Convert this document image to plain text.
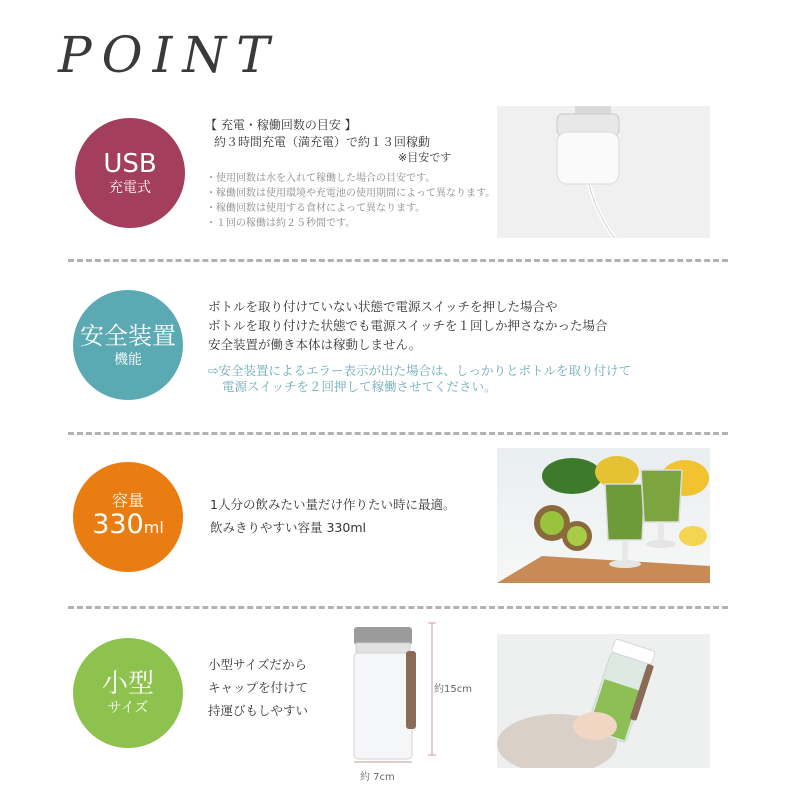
POINT
USB
充電式
【 充電・稼働回数の目安 】
約３時間充電（満充電）で約１３回稼動
※目安です
・使用回数は水を入れて稼働した場合の目安です。
・稼働回数は使用環境や充電池の使用期間によって異なります。
・稼働回数は使用する食材によって異なります。
・１回の稼働は約２５秒間です。
安全装置
機能
ボトルを取り付けていない状態で電源スイッチを押した場合や
ボトルを取り付けた状態でも電源スイッチを１回しか押さなかった場合
安全装置が働き本体は稼動しません。
⇨安全装置によるエラー表示が出た場合は、しっかりとボトルを取り付けて
電源スイッチを２回押して稼働させてください。
容量
330ml
1人分の飲みたい量だけ作りたい時に最適。
飲みきりやすい容量 330ml
小型
サイズ
小型サイズだから
キャップを付けて
持運びもしやすい
約15cm
約 7cm
